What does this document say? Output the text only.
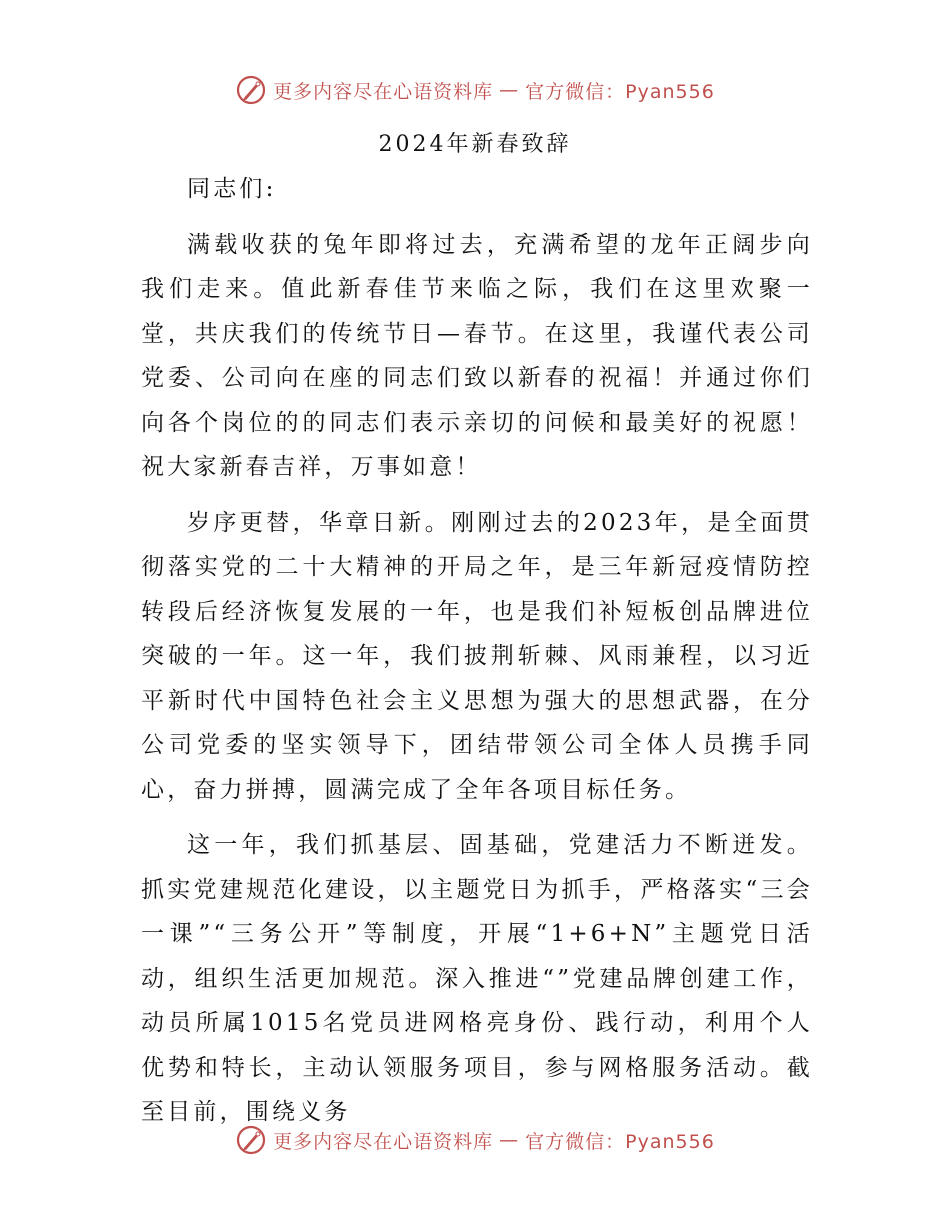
更多内容尽在心语资料库 — 官方微信：Pyan556
2024年新春致辞

同志们:

满载收获的兔年即将过去，充满希望的龙年正阔步向我们走来。值此新春佳节来临之际，我们在这里欢聚一堂，共庆我们的传统节日—春节。在这里，我谨代表公司党委、公司向在座的同志们致以新春的祝福！并通过你们向各个岗位的的同志们表示亲切的问候和最美好的祝愿！祝大家新春吉祥，万事如意！

岁序更替，华章日新。刚刚过去的2023年，是全面贯彻落实党的二十大精神的开局之年，是三年新冠疫情防控转段后经济恢复发展的一年，也是我们补短板创品牌进位突破的一年。这一年，我们披荆斩棘、风雨兼程，以习近平新时代中国特色社会主义思想为强大的思想武器，在分公司党委的坚实领导下，团结带领公司全体人员携手同心，奋力拼搏，圆满完成了全年各项目标任务。

这一年，我们抓基层、固基础，党建活力不断迸发。抓实党建规范化建设，以主题党日为抓手，严格落实“三会一课”“三务公开”等制度，开展“1+6+N”主题党日活动，组织生活更加规范。深入推进“”党建品牌创建工作，动员所属1015名党员进网格亮身份、践行动，利用个人优势和特长，主动认领服务项目，参与网格服务活动。截至目前，围绕义务

更多内容尽在心语资料库 — 官方微信：Pyan556
